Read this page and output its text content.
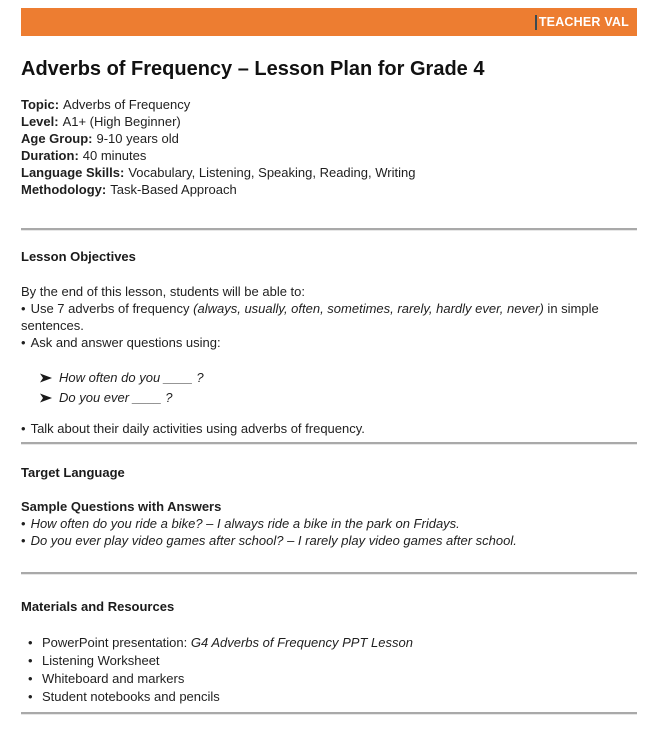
TEACHER VAL
Adverbs of Frequency – Lesson Plan for Grade 4

Topic: Adverbs of Frequency

Level: A1+ (High Beginner)

Age Group: 9-10 years old

Duration: 40 minutes

Language Skills: Vocabulary, Listening, Speaking, Reading, Writing

Methodology: Task-Based Approach

Lesson Objectives

By the end of this lesson, students will be able to:

• Use 7 adverbs of frequency (always, usually, often, sometimes, rarely, hardly ever, never) in simple sentences.

• Ask and answer questions using:

How often do you ____ ?
Do you ever ____ ?

• Talk about their daily activities using adverbs of frequency.

Target Language
Sample Questions with Answers

• How often do you ride a bike? – I always ride a bike in the park on Fridays.

• Do you ever play video games after school? – I rarely play video games after school.

Materials and Resources
• PowerPoint presentation: G4 Adverbs of Frequency PPT Lesson
• Listening Worksheet
• Whiteboard and markers
• Student notebooks and pencils
